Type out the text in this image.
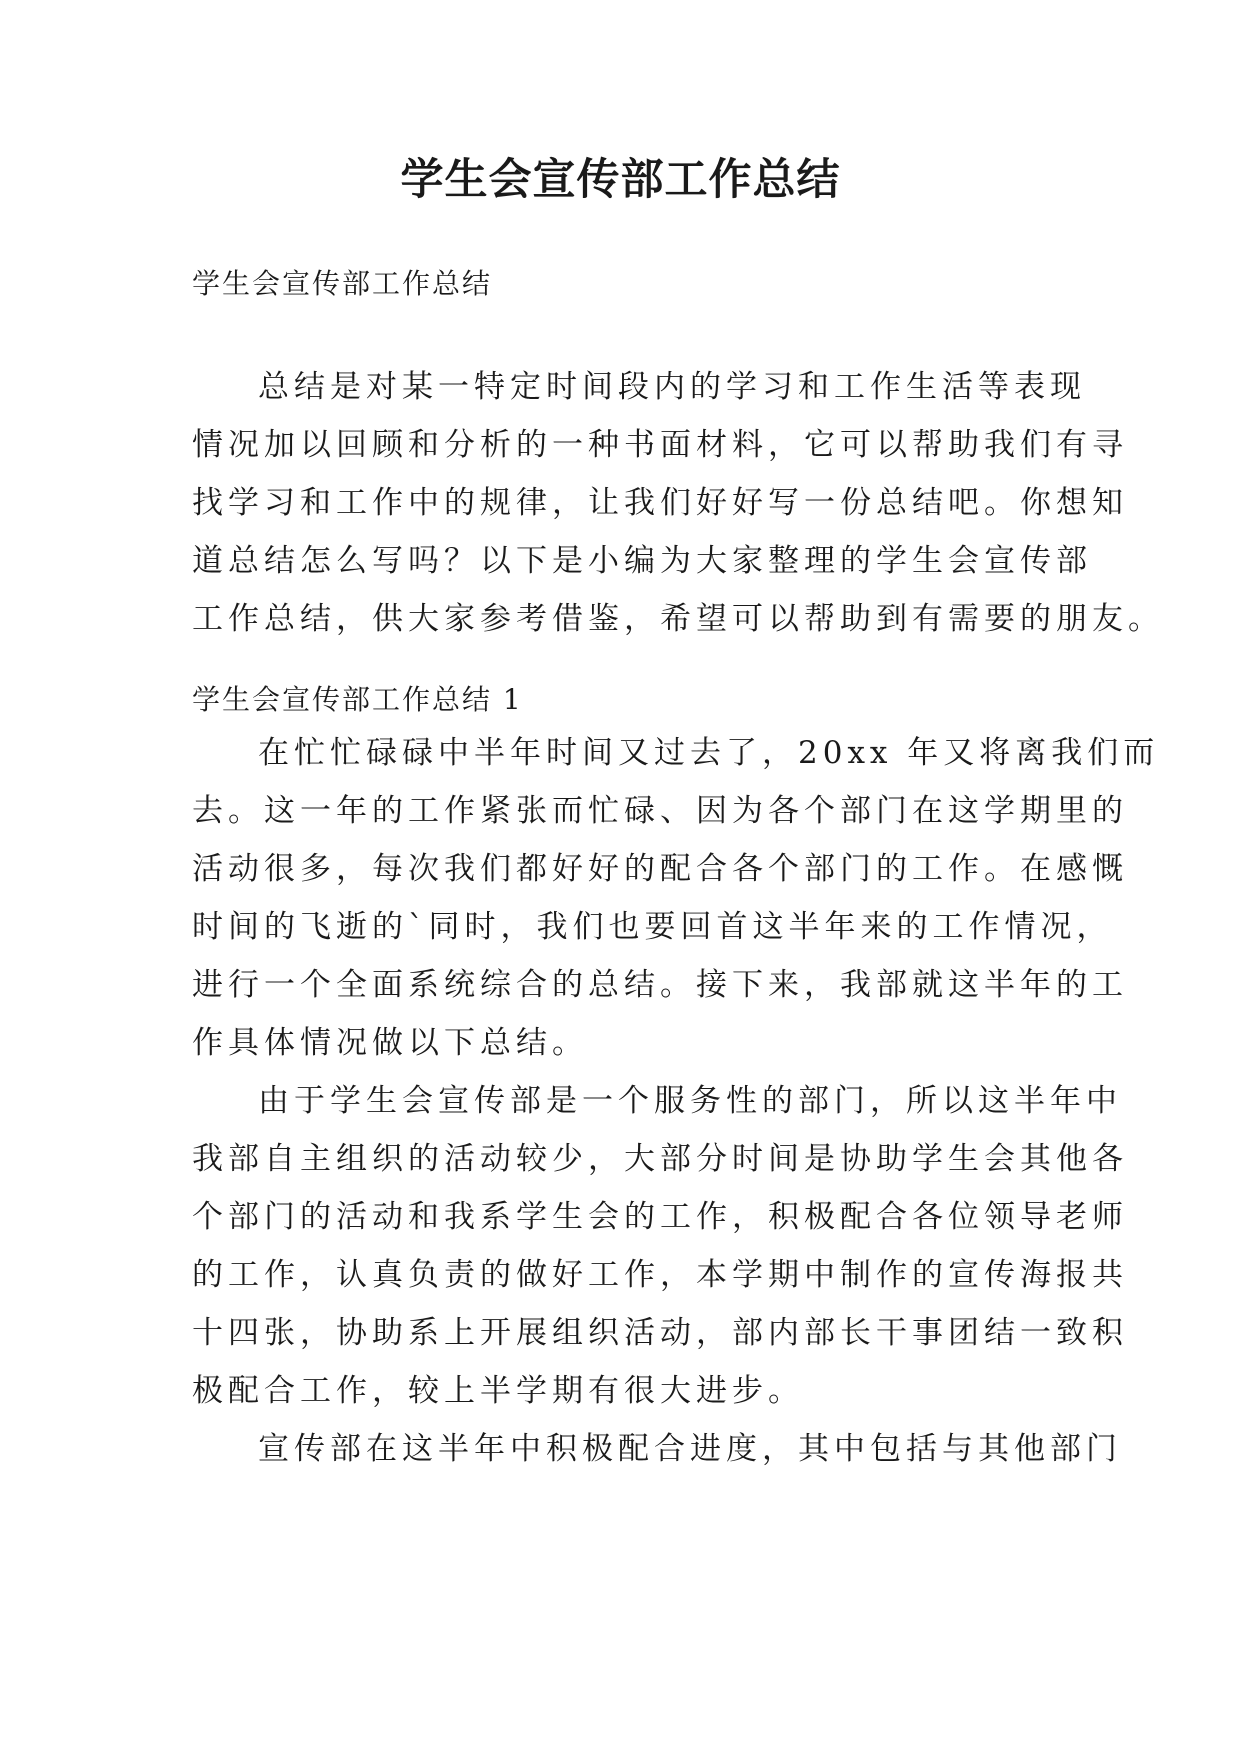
学生会宣传部工作总结

学生会宣传部工作总结

总结是对某一特定时间段内的学习和工作生活等表现
情况加以回顾和分析的一种书面材料，它可以帮助我们有寻
找学习和工作中的规律，让我们好好写一份总结吧。你想知
道总结怎么写吗？以下是小编为大家整理的学生会宣传部
工作总结，供大家参考借鉴，希望可以帮助到有需要的朋友。

学生会宣传部工作总结 1

在忙忙碌碌中半年时间又过去了，20xx 年又将离我们而
去。这一年的工作紧张而忙碌、因为各个部门在这学期里的
活动很多，每次我们都好好的配合各个部门的工作。在感慨
时间的飞逝的`同时，我们也要回首这半年来的工作情况，
进行一个全面系统综合的总结。接下来，我部就这半年的工
作具体情况做以下总结。
由于学生会宣传部是一个服务性的部门，所以这半年中
我部自主组织的活动较少，大部分时间是协助学生会其他各
个部门的活动和我系学生会的工作，积极配合各位领导老师
的工作，认真负责的做好工作，本学期中制作的宣传海报共
十四张，协助系上开展组织活动，部内部长干事团结一致积
极配合工作，较上半学期有很大进步。
宣传部在这半年中积极配合进度，其中包括与其他部门
